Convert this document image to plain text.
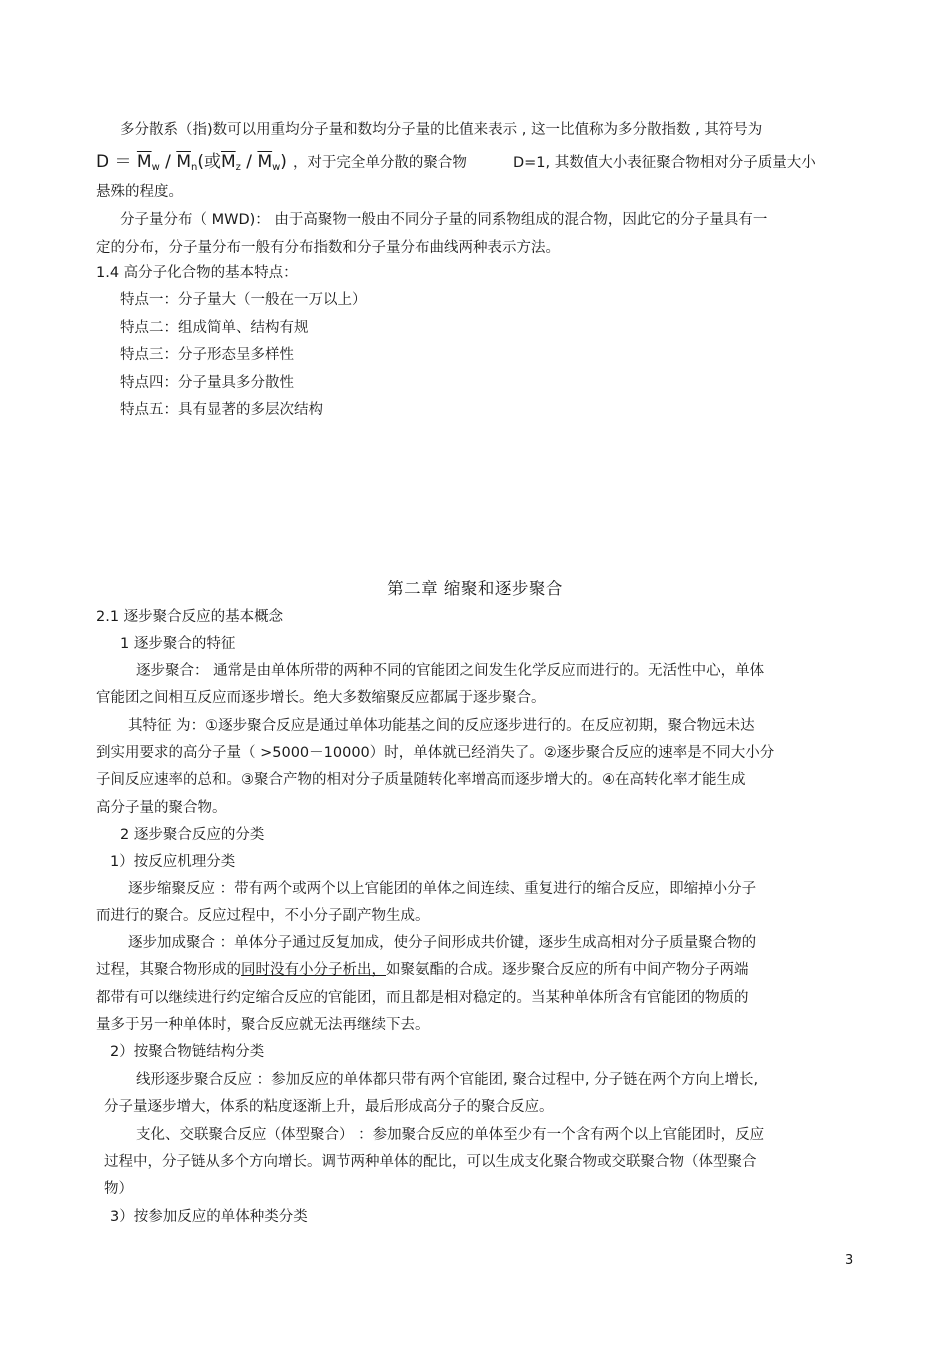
多分散系（指)数可以用重均分子量和数均分子量的比值来表示 , 这一比值称为多分散指数 , 其符号为
$D = \overline{M}_w / \overline{M}_n$(或$\overline{M}_z / \overline{M}_w$) ，对于完全单分散的聚合物	D=1, 其数值大小表征聚合物相对分子质量大小
悬殊的程度。
分子量分布（ MWD)： 由于高聚物一般由不同分子量的同系物组成的混合物，因此它的分子量具有一
定的分布，分子量分布一般有分布指数和分子量分布曲线两种表示方法。
1.4 高分子化合物的基本特点：
特点一：分子量大（一般在一万以上）
特点二：组成简单、结构有规
特点三：分子形态呈多样性
特点四：分子量具多分散性
特点五：具有显著的多层次结构
第二章 缩聚和逐步聚合
2.1 逐步聚合反应的基本概念
1 逐步聚合的特征
逐步聚合： 通常是由单体所带的两种不同的官能团之间发生化学反应而进行的。无活性中心，单体
官能团之间相互反应而逐步增长。绝大多数缩聚反应都属于逐步聚合。
其特征 为：①逐步聚合反应是通过单体功能基之间的反应逐步进行的。在反应初期，聚合物远未达
到实用要求的高分子量（ >5000－10000）时，单体就已经消失了。②逐步聚合反应的速率是不同大小分
子间反应速率的总和。③聚合产物的相对分子质量随转化率增高而逐步增大的。④在高转化率才能生成
高分子量的聚合物。
2 逐步聚合反应的分类
1）按反应机理分类
逐步缩聚反应 ：带有两个或两个以上官能团的单体之间连续、重复进行的缩合反应，即缩掉小分子
而进行的聚合。反应过程中，不小分子副产物生成。
逐步加成聚合 ：单体分子通过反复加成，使分子间形成共价键，逐步生成高相对分子质量聚合物的
过程，其聚合物形成的同时没有小分子析出，如聚氨酯的合成。逐步聚合反应的所有中间产物分子两端
都带有可以继续进行约定缩合反应的官能团，而且都是相对稳定的。当某种单体所含有官能团的物质的
量多于另一种单体时，聚合反应就无法再继续下去。
2）按聚合物链结构分类
线形逐步聚合反应 ：参加反应的单体都只带有两个官能团, 聚合过程中, 分子链在两个方向上增长,
分子量逐步增大，体系的粘度逐渐上升，最后形成高分子的聚合反应。
支化、交联聚合反应（体型聚合） ：参加聚合反应的单体至少有一个含有两个以上官能团时，反应
过程中，分子链从多个方向增长。调节两种单体的配比，可以生成支化聚合物或交联聚合物（体型聚合
物）
3）按参加反应的单体种类分类
3
